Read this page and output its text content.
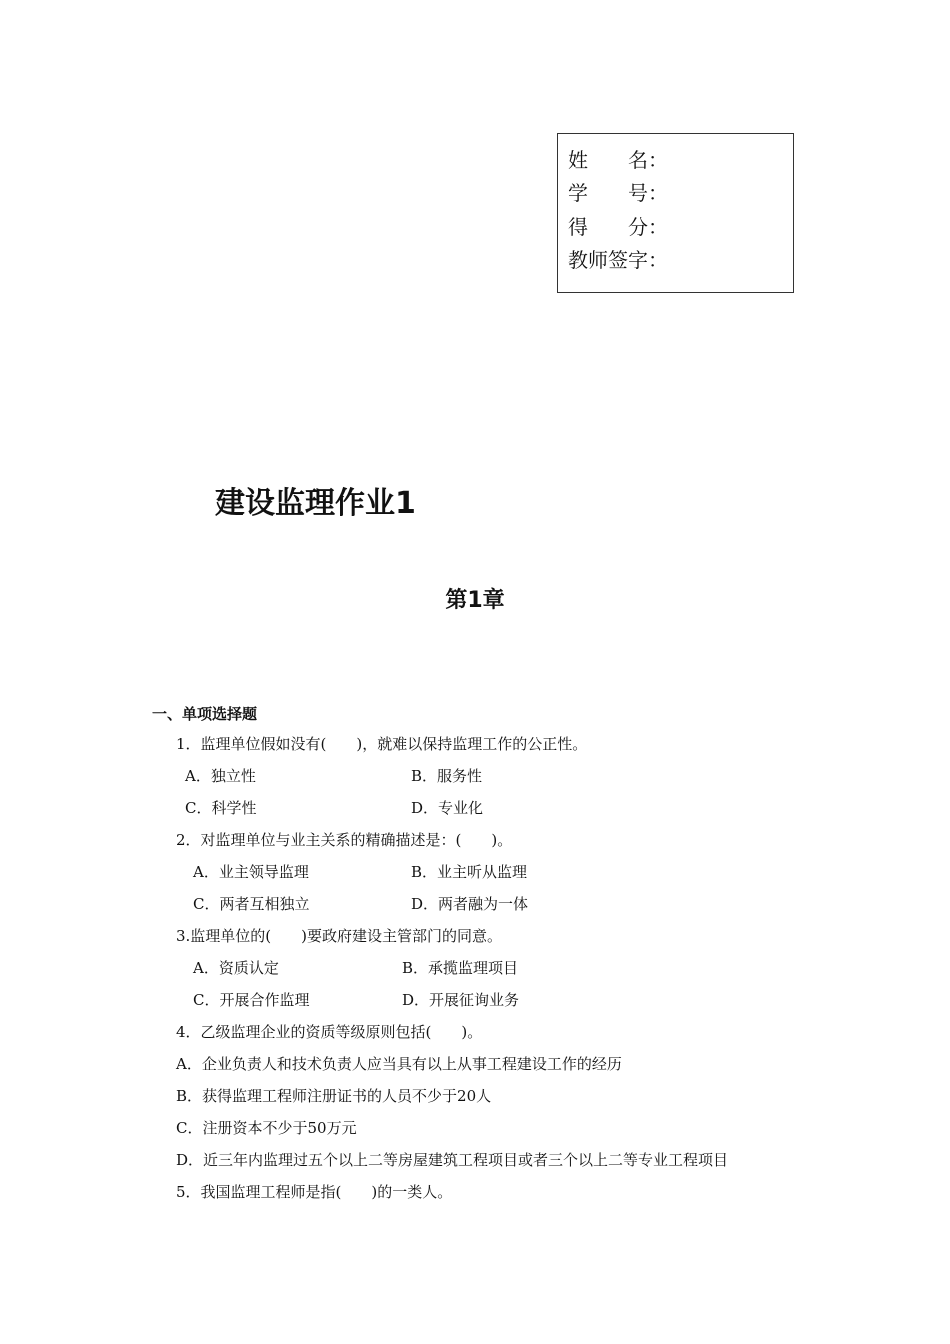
姓　　名：
学　　号：
得　　分：
教师签字：
建设监理作业1
第1章
一、单项选择题
1．监理单位假如没有(　　)，就难以保持监理工作的公正性。
A．独立性	B．服务性
C．科学性	D．专业化
2．对监理单位与业主关系的精确描述是：(　　)。
A．业主领导监理	B．业主听从监理
C．两者互相独立	D．两者融为一体
3.监理单位的(　　)要政府建设主管部门的同意。
A．资质认定	B．承揽监理项目
C．开展合作监理	D．开展征询业务
4．乙级监理企业的资质等级原则包括(　　)。
A．企业负责人和技术负责人应当具有以上从事工程建设工作的经历
B．获得监理工程师注册证书的人员不少于20人
C．注册资本不少于50万元
D．近三年内监理过五个以上二等房屋建筑工程项目或者三个以上二等专业工程项目
5．我国监理工程师是指(　　)的一类人。
